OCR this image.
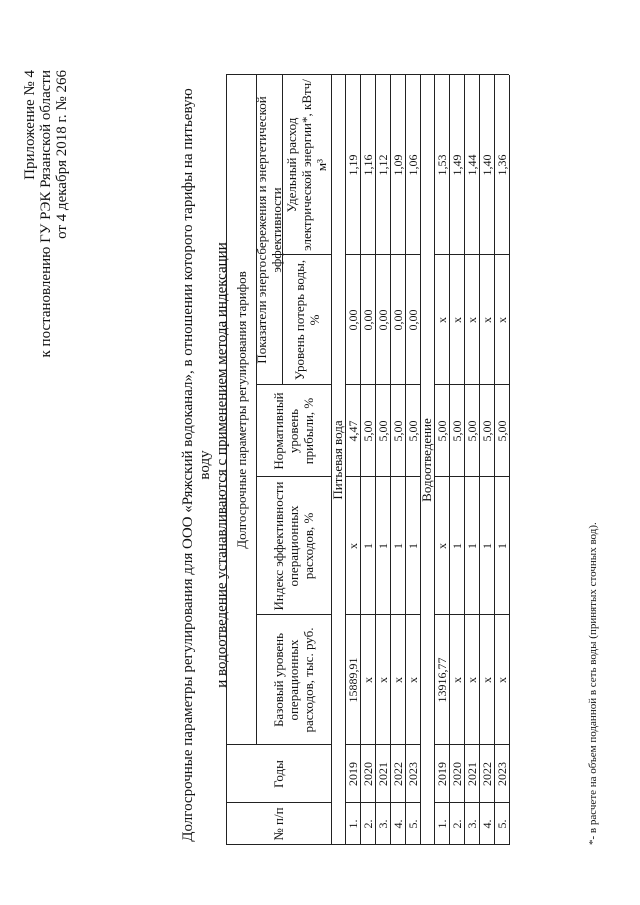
Приложение № 4 к постановлению ГУ РЭК Рязанской области от 4 декабря 2018 г. № 266	Долгосрочные параметры регулирования для ООО «Ряжский водоканал», в отношении которого тарифы на питьевую воду и водоотведение устанавливаются с применением метода индексации
№ п/п
Годы
Долгосрочные параметры регулирования тарифов
Базовый уровень операционных расходов, тыс. руб.
Индекс эффективности операционных расходов, %
Нормативный уровень прибыли, %
Показатели энергосбережения и энергетической эффективности
Уровень потерь воды, %
Удельный расход электрической энергии*, кВтч/м³
Питьевая вода
1.
2019
15889,91
x
4,47
0,00
1,19
2.
2020
x
1
5,00
0,00
1,16
3.
2021
x
1
5,00
0,00
1,12
4.
2022
x
1
5,00
0,00
1,09
5.
2023
x
1
5,00
0,00
1,06
Водоотведение
1.
2019
13916,77
x
5,00
x
1,53
2.
2020
x
1
5,00
x
1,49
3.
2021
x
1
5,00
x
1,44
4.
2022
x
1
5,00
x
1,40
5.
2023
x
1
5,00
x
1,36
*- в расчете на объем поданной в сеть воды (принятых сточных вод).
